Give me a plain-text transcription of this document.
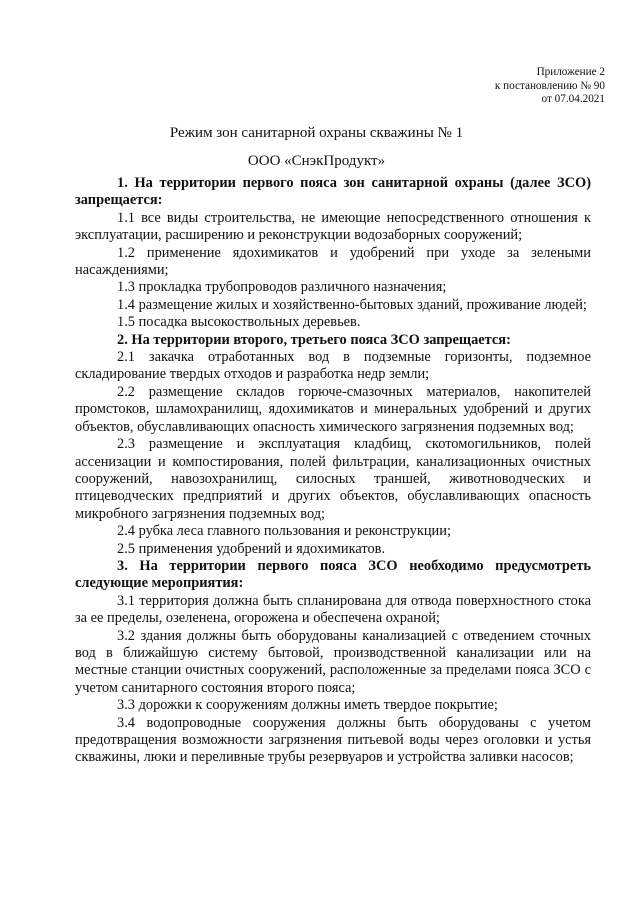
Приложение 2
к постановлению № 90
от 07.04.2021
Режим зон санитарной охраны скважины № 1
ООО «СнэкПродукт»

1. На территории первого пояса зон санитарной охраны (далее ЗСО) запрещается:

1.1 все виды строительства, не имеющие непосредственного отношения к эксплуатации, расширению и реконструкции водозаборных сооружений;

1.2 применение ядохимикатов и удобрений при уходе за зелеными насаждениями;

1.3 прокладка трубопроводов различного назначения;

1.4 размещение жилых и хозяйственно-бытовых зданий, проживание людей;

1.5 посадка высокоствольных деревьев.

2. На территории второго, третьего пояса ЗСО запрещается:

2.1 закачка отработанных вод в подземные горизонты, подземное складирование твердых отходов и разработка недр земли;

2.2 размещение складов горюче-смазочных материалов, накопителей промстоков, шламохранилищ, ядохимикатов и минеральных удобрений и других объектов, обуславливающих опасность химического загрязнения подземных вод;

2.3 размещение и эксплуатация кладбищ, скотомогильников, полей ассенизации и компостирования, полей фильтрации, канализационных очистных сооружений, навозохранилищ, силосных траншей, животноводческих и птицеводческих предприятий и других объектов, обуславливающих опасность микробного загрязнения подземных вод;

2.4 рубка леса главного пользования и реконструкции;

2.5 применения удобрений и ядохимикатов.

3. На территории первого пояса ЗСО необходимо предусмотреть следующие мероприятия:

3.1 территория должна быть спланирована для отвода поверхностного стока за ее пределы, озеленена, огорожена и обеспечена охраной;

3.2 здания должны быть оборудованы канализацией с отведением сточных вод в ближайшую систему бытовой, производственной канализации или на местные станции очистных сооружений, расположенные за пределами пояса ЗСО с учетом санитарного состояния второго пояса;

3.3 дорожки к сооружениям должны иметь твердое покрытие;

3.4 водопроводные сооружения должны быть оборудованы с учетом предотвращения возможности загрязнения питьевой воды через оголовки и устья скважины, люки и переливные трубы резервуаров и устройства заливки насосов;
